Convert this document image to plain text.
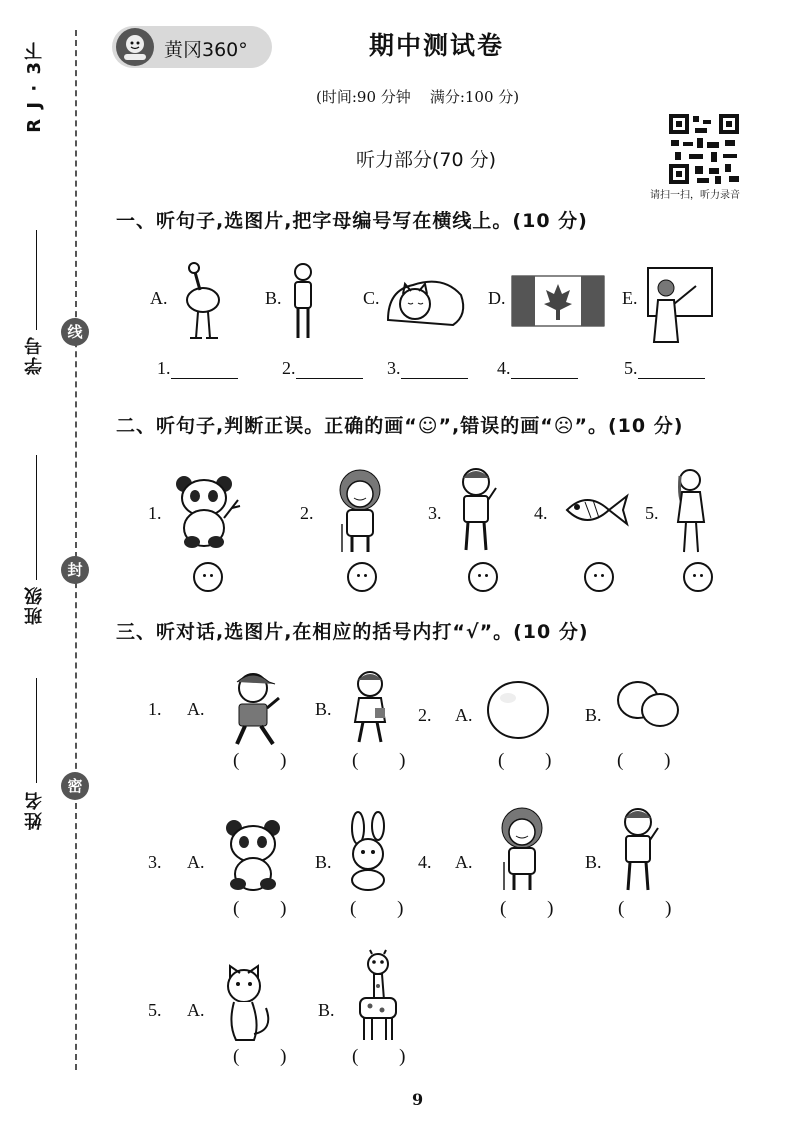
R J · 3下
学号
班级
姓名
线
封
密
黄冈360°	期中测试卷
(时间:90 分钟    满分:100 分)
听力部分(70 分)
请扫一扫，听力录音
一、听句子,选图片,把字母编号写在横线上。(10 分)
A.	B.	C.	D.	E.
1.	2.	3.	4.	5.
二、听句子,判断正误。正确的画“☺”,错误的画“☹”。(10 分)
1.	2.	3.	4.	5.
三、听对话,选图片,在相应的括号内打“√”。(10 分)
1. A.
( )
B.
( )
2. A.
( )
B.
( )
3. A.
( )
B.
( )
4. A.
( )
B.
( )
5. A.
( )
B.
( )
9
